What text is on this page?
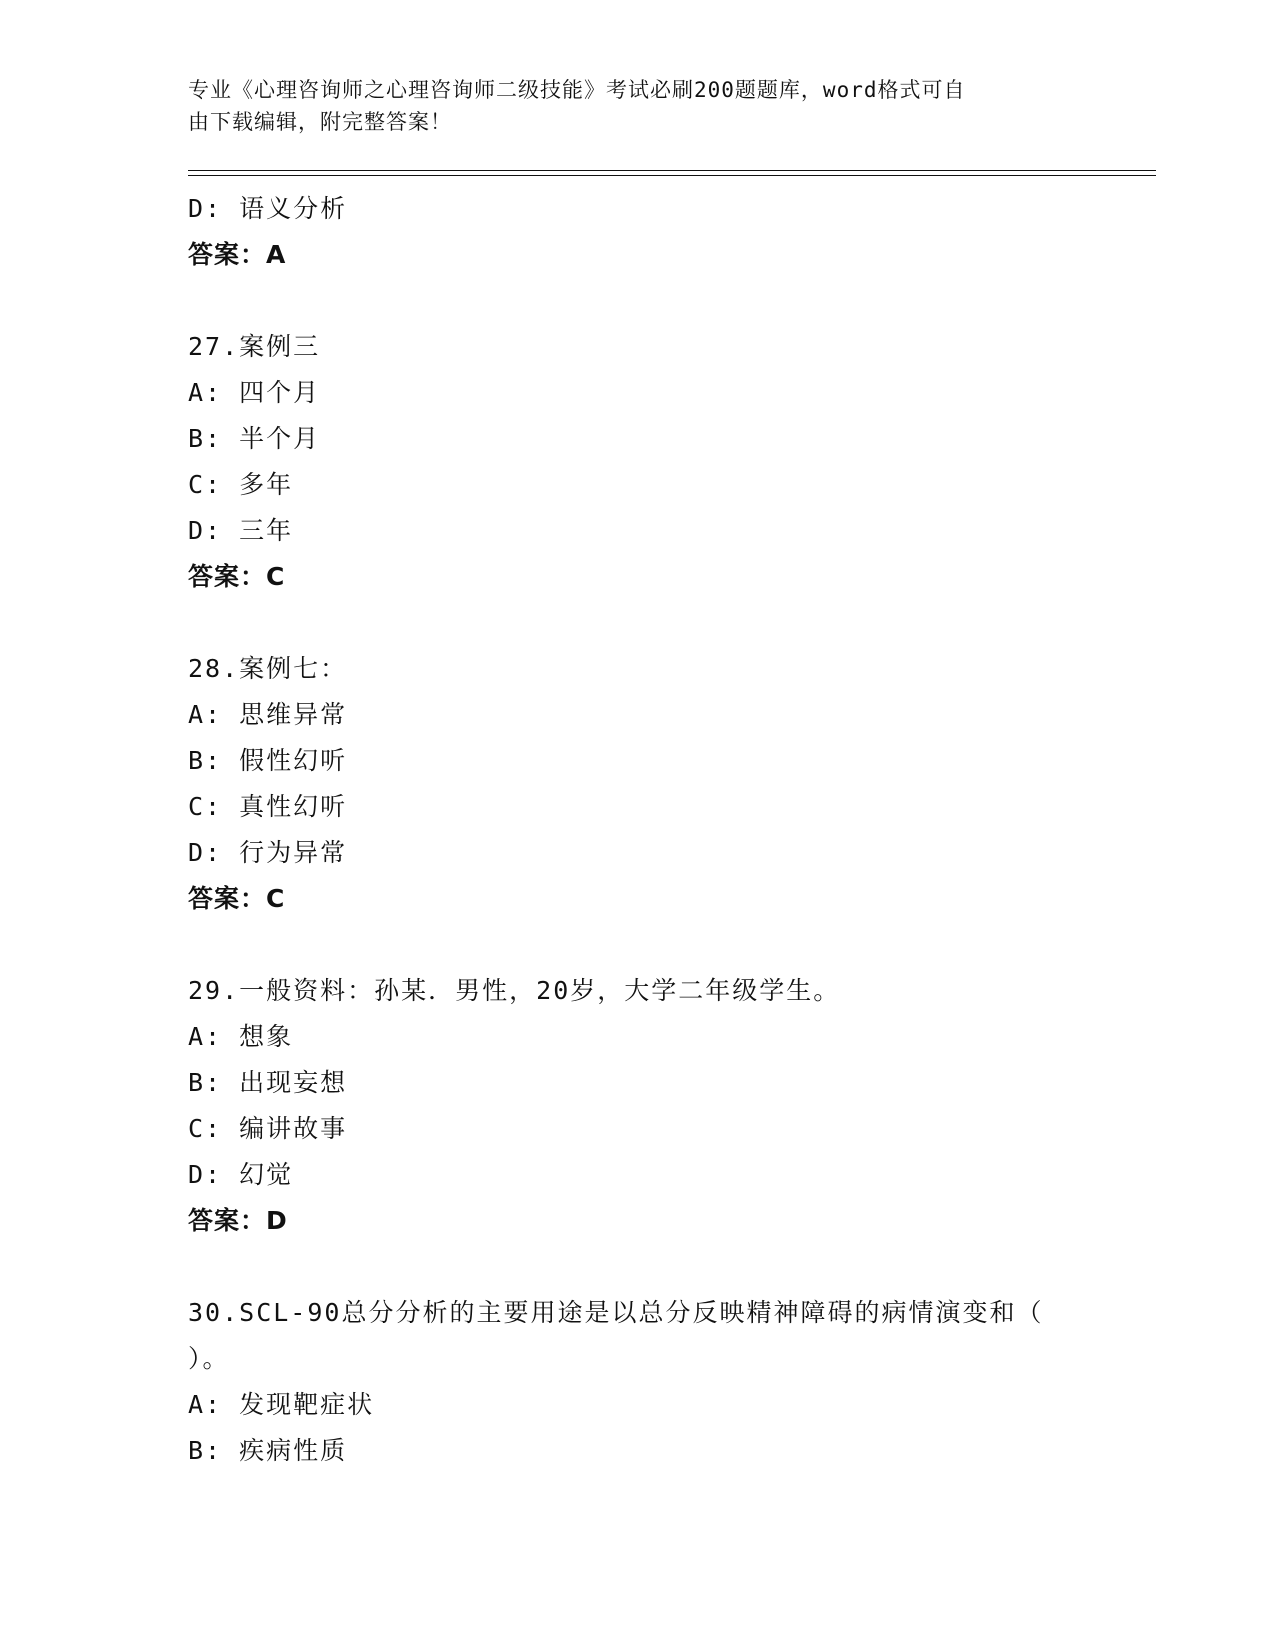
专业《心理咨询师之心理咨询师二级技能》考试必刷200题题库，word格式可自
由下载编辑，附完整答案！
D: 语义分析
答案：A
27.案例三
A: 四个月
B: 半个月
C: 多年
D: 三年
答案：C
28.案例七：
A: 思维异常
B: 假性幻听
C: 真性幻听
D: 行为异常
答案：C
29.一般资料：孙某．男性，20岁，大学二年级学生。
A: 想象
B: 出现妄想
C: 编讲故事
D: 幻觉
答案：D
30.SCL-90总分分析的主要用途是以总分反映精神障碍的病情演变和（
）。
A: 发现靶症状
B: 疾病性质
